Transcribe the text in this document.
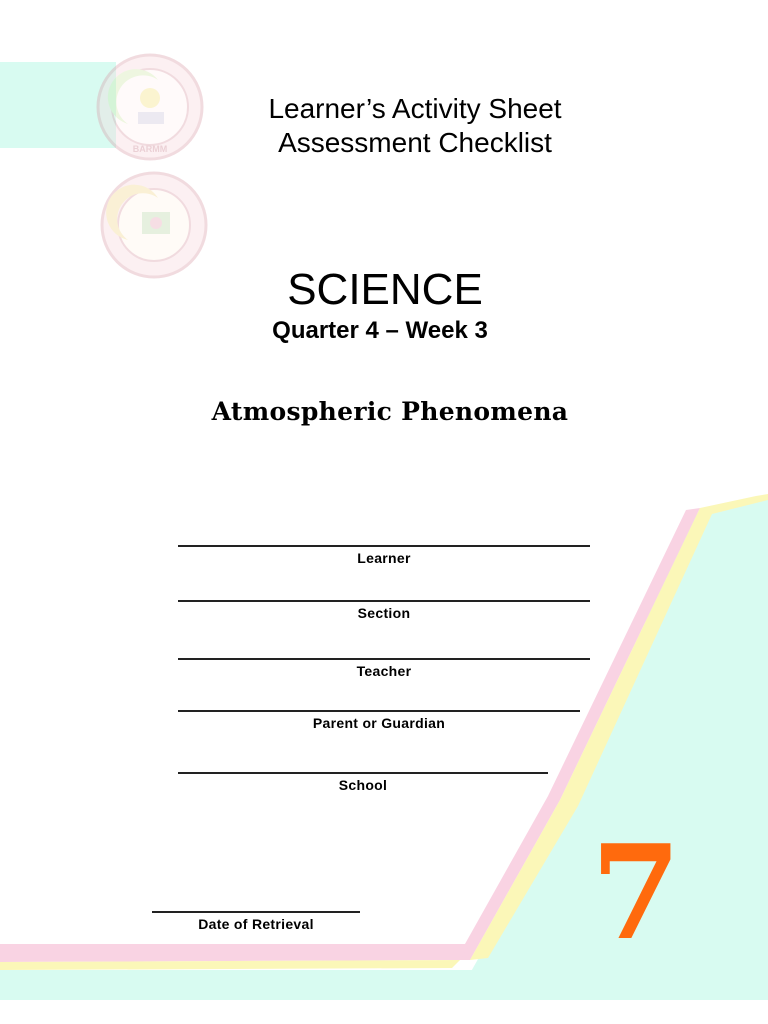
BARMM
Learner’s Activity Sheet
Assessment Checklist
SCIENCE
Quarter 4 – Week 3
Atmospheric Phenomena
Learner
Section
Teacher
Parent or Guardian
School
Date of Retrieval	7
